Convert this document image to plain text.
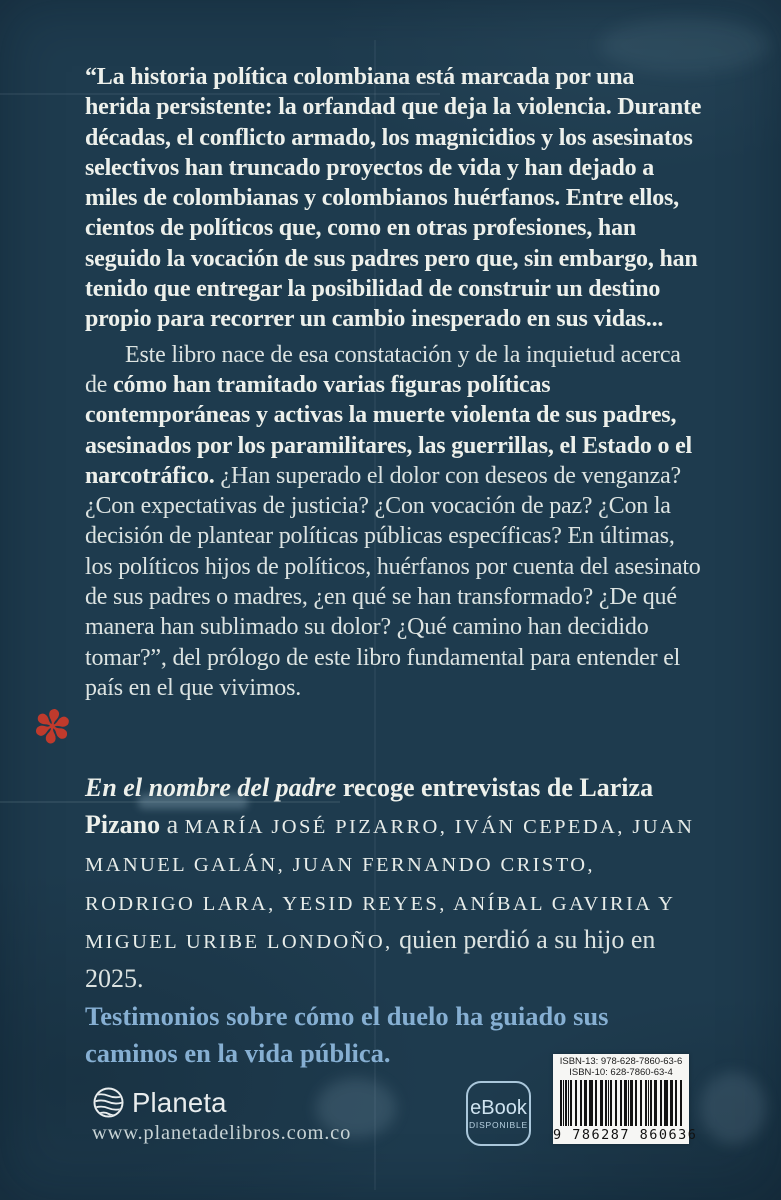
“La historia política colombiana está marcada por una herida persistente: la orfandad que deja la violencia. Durante décadas, el conflicto armado, los magnicidios y los asesinatos selectivos han truncado proyectos de vida y han dejado a miles de colombianas y colombianos huérfanos. Entre ellos, cientos de políticos que, como en otras profesiones, han seguido la vocación de sus padres pero que, sin embargo, han tenido que entregar la posibilidad de construir un destino propio para recorrer un cambio inesperado en sus vidas...

Este libro nace de esa constatación y de la inquietud acerca de cómo han tramitado varias figuras políticas contemporáneas y activas la muerte violenta de sus padres, asesinados por los paramilitares, las guerrillas, el Estado o el narcotráfico. ¿Han superado el dolor con deseos de venganza? ¿Con expectativas de justicia? ¿Con vocación de paz? ¿Con la decisión de plantear políticas públicas específicas? En últimas, los políticos hijos de políticos, huérfanos por cuenta del asesinato de sus padres o madres, ¿en qué se han transformado? ¿De qué manera han sublimado su dolor? ¿Qué camino han decidido tomar?”, del prólogo de este libro fundamental para entender el país en el que vivimos.

✽

En el nombre del padre recoge entrevistas de Lariza Pizano a MARÍA JOSÉ PIZARRO, IVÁN CEPEDA, JUAN MANUEL GALÁN, JUAN FERNANDO CRISTO, RODRIGO LARA, YESID REYES, ANÍBAL GAVIRIA Y MIGUEL URIBE LONDOÑO, quien perdió a su hijo en 2025.

Testimonios sobre cómo el duelo ha guiado sus caminos en la vida pública.

Planeta
www.planetadelibros.com.co
eBook
DISPONIBLE
ISBN-13: 978-628-7860-63-6
ISBN-10: 628-7860-63-4
9 786287 860636
